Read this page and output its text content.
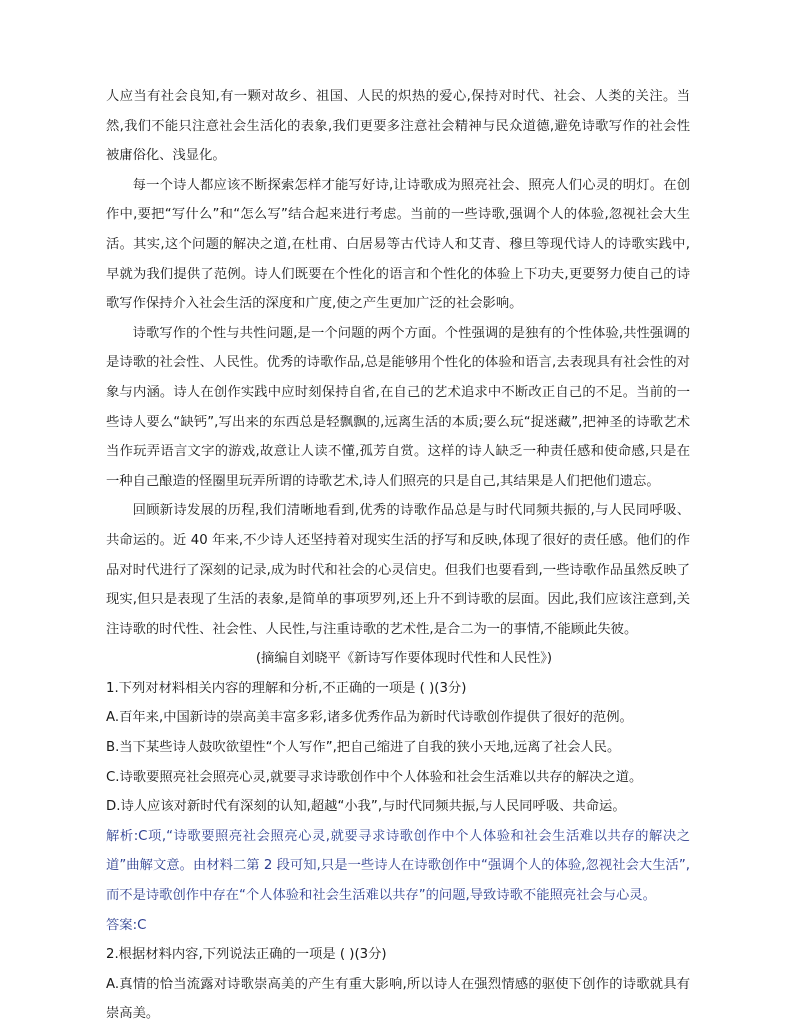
人应当有社会良知,有一颗对故乡、祖国、人民的炽热的爱心,保持对时代、社会、人类的关注。当然,我们不能只注意社会生活化的表象,我们更要多注意社会精神与民众道德,避免诗歌写作的社会性被庸俗化、浅显化。

每一个诗人都应该不断探索怎样才能写好诗,让诗歌成为照亮社会、照亮人们心灵的明灯。在创作中,要把“写什么”和“怎么写”结合起来进行考虑。当前的一些诗歌,强调个人的体验,忽视社会大生活。其实,这个问题的解决之道,在杜甫、白居易等古代诗人和艾青、穆旦等现代诗人的诗歌实践中,早就为我们提供了范例。诗人们既要在个性化的语言和个性化的体验上下功夫,更要努力使自己的诗歌写作保持介入社会生活的深度和广度,使之产生更加广泛的社会影响。

诗歌写作的个性与共性问题,是一个问题的两个方面。个性强调的是独有的个性体验,共性强调的是诗歌的社会性、人民性。优秀的诗歌作品,总是能够用个性化的体验和语言,去表现具有社会性的对象与内涵。诗人在创作实践中应时刻保持自省,在自己的艺术追求中不断改正自己的不足。当前的一些诗人要么“缺钙”,写出来的东西总是轻飘飘的,远离生活的本质;要么玩“捉迷藏”,把神圣的诗歌艺术当作玩弄语言文字的游戏,故意让人读不懂,孤芳自赏。这样的诗人缺乏一种责任感和使命感,只是在一种自己酿造的怪圈里玩弄所谓的诗歌艺术,诗人们照亮的只是自己,其结果是人们把他们遗忘。

回顾新诗发展的历程,我们清晰地看到,优秀的诗歌作品总是与时代同频共振的,与人民同呼吸、共命运的。近 40 年来,不少诗人还坚持着对现实生活的抒写和反映,体现了很好的责任感。他们的作品对时代进行了深刻的记录,成为时代和社会的心灵信史。但我们也要看到,一些诗歌作品虽然反映了现实,但只是表现了生活的表象,是简单的事项罗列,还上升不到诗歌的层面。因此,我们应该注意到,关注诗歌的时代性、社会性、人民性,与注重诗歌的艺术性,是合二为一的事情,不能顾此失彼。

(摘编自刘晓平《新诗写作要体现时代性和人民性》)

1.下列对材料相关内容的理解和分析,不正确的一项是 ( )(3分)

A.百年来,中国新诗的崇高美丰富多彩,诸多优秀作品为新时代诗歌创作提供了很好的范例。

B.当下某些诗人鼓吹欲望性“个人写作”,把自己缩进了自我的狭小天地,远离了社会人民。

C.诗歌要照亮社会照亮心灵,就要寻求诗歌创作中个人体验和社会生活难以共存的解决之道。

D.诗人应该对新时代有深刻的认知,超越“小我”,与时代同频共振,与人民同呼吸、共命运。

解析:C项,“诗歌要照亮社会照亮心灵,就要寻求诗歌创作中个人体验和社会生活难以共存的解决之道”曲解文意。由材料二第 2 段可知,只是一些诗人在诗歌创作中“强调个人的体验,忽视社会大生活”,而不是诗歌创作中存在“个人体验和社会生活难以共存”的问题,导致诗歌不能照亮社会与心灵。

答案:C

2.根据材料内容,下列说法正确的一项是 ( )(3分)

A.真情的恰当流露对诗歌崇高美的产生有重大影响,所以诗人在强烈情感的驱使下创作的诗歌就具有崇高美。
